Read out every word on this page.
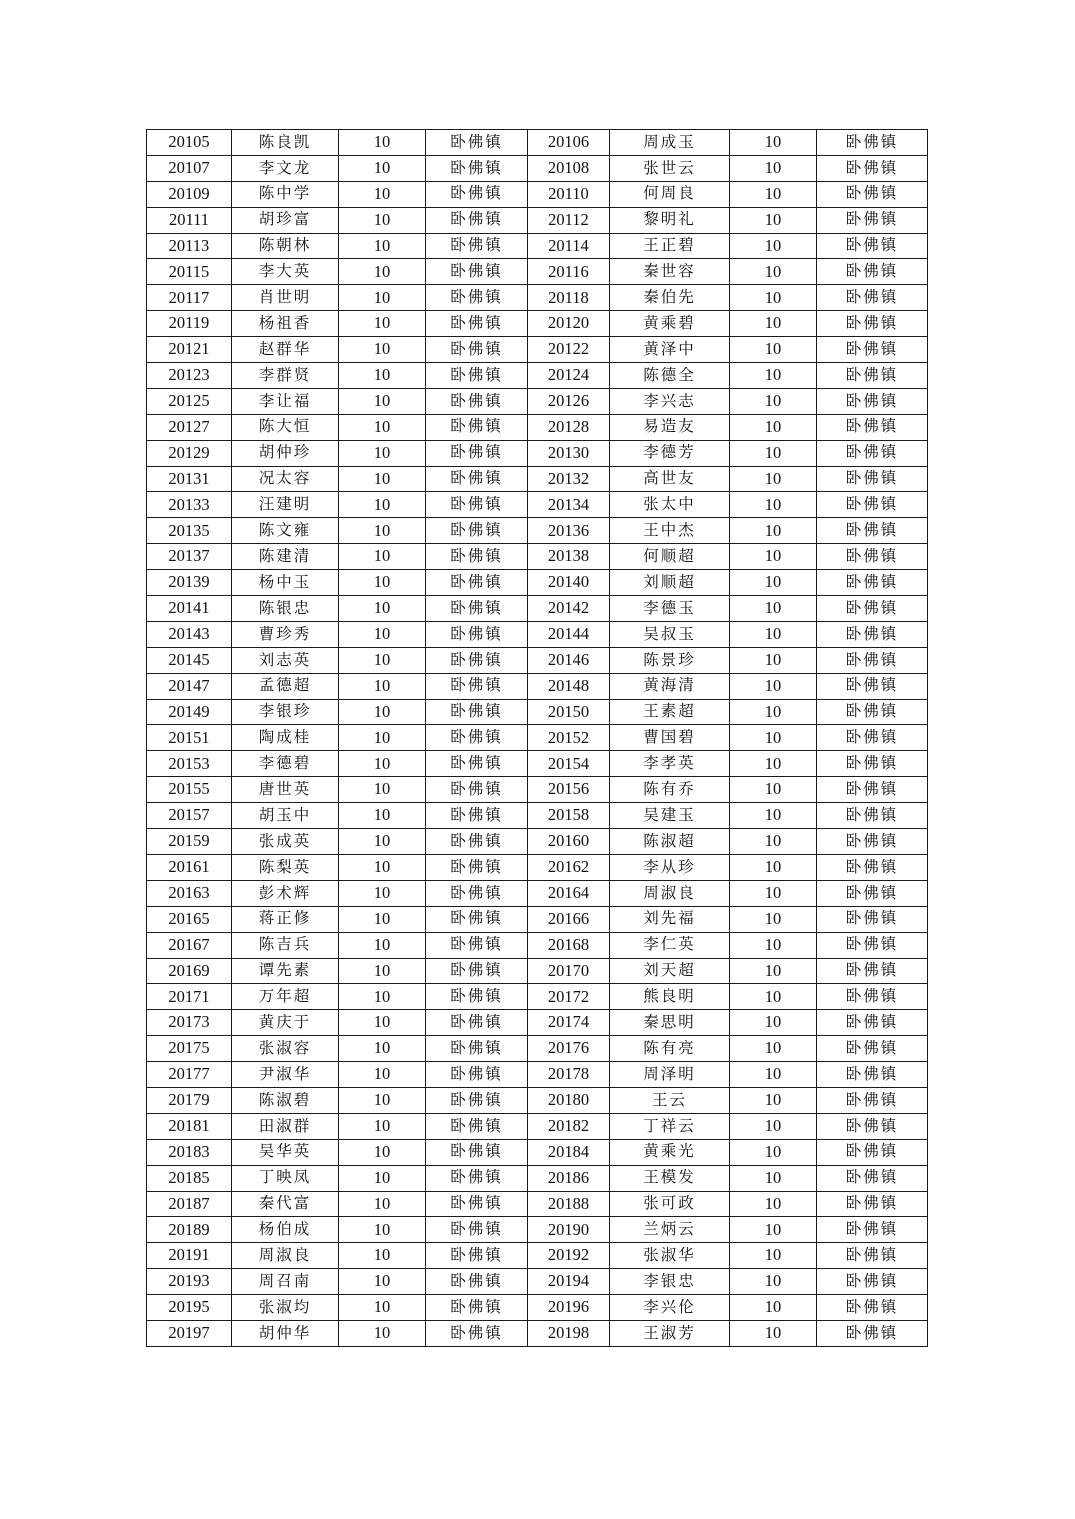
20105	陈良凯	10	卧佛镇	20106	周成玉	10	卧佛镇
20107	李文龙	10	卧佛镇	20108	张世云	10	卧佛镇
20109	陈中学	10	卧佛镇	20110	何周良	10	卧佛镇
20111	胡珍富	10	卧佛镇	20112	黎明礼	10	卧佛镇
20113	陈朝林	10	卧佛镇	20114	王正碧	10	卧佛镇
20115	李大英	10	卧佛镇	20116	秦世容	10	卧佛镇
20117	肖世明	10	卧佛镇	20118	秦伯先	10	卧佛镇
20119	杨祖香	10	卧佛镇	20120	黄乘碧	10	卧佛镇
20121	赵群华	10	卧佛镇	20122	黄泽中	10	卧佛镇
20123	李群贤	10	卧佛镇	20124	陈德全	10	卧佛镇
20125	李让福	10	卧佛镇	20126	李兴志	10	卧佛镇
20127	陈大恒	10	卧佛镇	20128	易造友	10	卧佛镇
20129	胡仲珍	10	卧佛镇	20130	李德芳	10	卧佛镇
20131	况太容	10	卧佛镇	20132	高世友	10	卧佛镇
20133	汪建明	10	卧佛镇	20134	张太中	10	卧佛镇
20135	陈文雍	10	卧佛镇	20136	王中杰	10	卧佛镇
20137	陈建清	10	卧佛镇	20138	何顺超	10	卧佛镇
20139	杨中玉	10	卧佛镇	20140	刘顺超	10	卧佛镇
20141	陈银忠	10	卧佛镇	20142	李德玉	10	卧佛镇
20143	曹珍秀	10	卧佛镇	20144	吴叔玉	10	卧佛镇
20145	刘志英	10	卧佛镇	20146	陈景珍	10	卧佛镇
20147	孟德超	10	卧佛镇	20148	黄海清	10	卧佛镇
20149	李银珍	10	卧佛镇	20150	王素超	10	卧佛镇
20151	陶成桂	10	卧佛镇	20152	曹国碧	10	卧佛镇
20153	李德碧	10	卧佛镇	20154	李孝英	10	卧佛镇
20155	唐世英	10	卧佛镇	20156	陈有乔	10	卧佛镇
20157	胡玉中	10	卧佛镇	20158	吴建玉	10	卧佛镇
20159	张成英	10	卧佛镇	20160	陈淑超	10	卧佛镇
20161	陈梨英	10	卧佛镇	20162	李从珍	10	卧佛镇
20163	彭术辉	10	卧佛镇	20164	周淑良	10	卧佛镇
20165	蒋正修	10	卧佛镇	20166	刘先福	10	卧佛镇
20167	陈吉兵	10	卧佛镇	20168	李仁英	10	卧佛镇
20169	谭先素	10	卧佛镇	20170	刘天超	10	卧佛镇
20171	万年超	10	卧佛镇	20172	熊良明	10	卧佛镇
20173	黄庆于	10	卧佛镇	20174	秦思明	10	卧佛镇
20175	张淑容	10	卧佛镇	20176	陈有亮	10	卧佛镇
20177	尹淑华	10	卧佛镇	20178	周泽明	10	卧佛镇
20179	陈淑碧	10	卧佛镇	20180	王云	10	卧佛镇
20181	田淑群	10	卧佛镇	20182	丁祥云	10	卧佛镇
20183	吴华英	10	卧佛镇	20184	黄乘光	10	卧佛镇
20185	丁映凤	10	卧佛镇	20186	王模发	10	卧佛镇
20187	秦代富	10	卧佛镇	20188	张可政	10	卧佛镇
20189	杨伯成	10	卧佛镇	20190	兰炳云	10	卧佛镇
20191	周淑良	10	卧佛镇	20192	张淑华	10	卧佛镇
20193	周召南	10	卧佛镇	20194	李银忠	10	卧佛镇
20195	张淑均	10	卧佛镇	20196	李兴伦	10	卧佛镇
20197	胡仲华	10	卧佛镇	20198	王淑芳	10	卧佛镇
